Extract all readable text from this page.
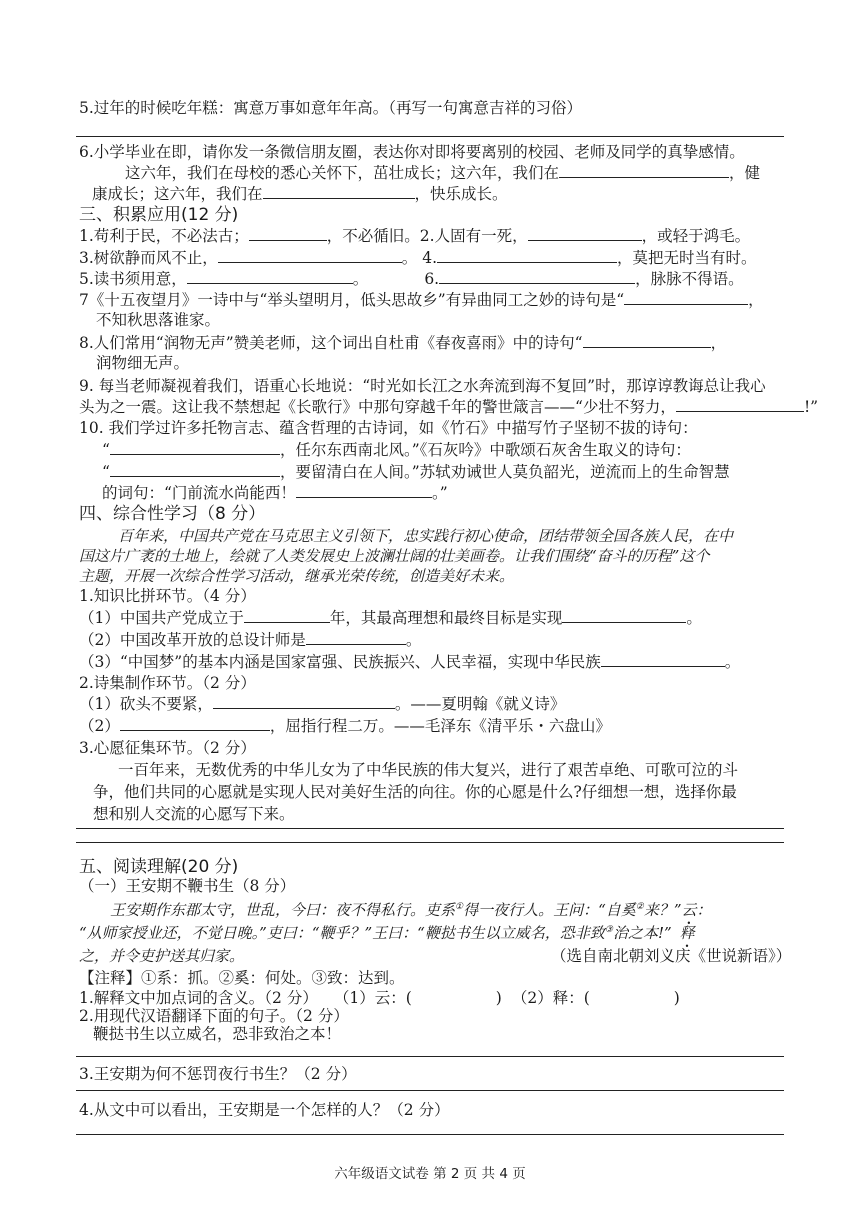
5.过年的时候吃年糕：寓意万事如意年年高。（再写一句寓意吉祥的习俗）
6.小学毕业在即，请你发一条微信朋友圈，表达你对即将要离别的校园、老师及同学的真挚感情。
这六年，我们在母校的悉心关怀下，茁壮成长；这六年，我们在	，健
康成长；这六年，我们在	，快乐成长。
三、积累应用(12 分)
1.苟利于民，不必法古；	，不必循旧。2.人固有一死，	，或轻于鸿毛。
3.树欲静而风不止，	。 4.	，莫把无时当有时。
5.读书须用意，	。	6.	，脉脉不得语。
7《十五夜望月》一诗中与“举头望明月，低头思故乡”有异曲同工之妙的诗句是“	，
不知秋思落谁家。
8.人们常用“润物无声”赞美老师，这个词出自杜甫《春夜喜雨》中的诗句“	，
润物细无声。
9. 每当老师凝视着我们，语重心长地说：“时光如长江之水奔流到海不复回”时，那谆谆教诲总让我心
头为之一震。这让我不禁想起《长歌行》中那句穿越千年的警世箴言——“少壮不努力，	!”
10. 我们学过许多托物言志、蕴含哲理的古诗词，如《竹石》中描写竹子坚韧不拔的诗句：
“	，任尔东西南北风。”《石灰吟》中歌颂石灰舍生取义的诗句：
“	，要留清白在人间。”苏轼劝诫世人莫负韶光，逆流而上的生命智慧
的词句：“门前流水尚能西！	。”
四、综合性学习（8 分）
百年来，中国共产党在马克思主义引领下，忠实践行初心使命，团结带领全国各族人民，在中
国这片广袤的土地上，绘就了人类发展史上波澜壮阔的壮美画卷。让我们围绕“奋斗的历程”这个
主题，开展一次综合性学习活动，继承光荣传统，创造美好未来。
1.知识比拼环节。（4 分）
（1）中国共产党成立于	年，其最高理想和最终目标是实现	。
（2）中国改革开放的总设计师是	。
（3）“中国梦”的基本内涵是国家富强、民族振兴、人民幸福，实现中华民族	。
2.诗集制作环节。（2 分）
（1）砍头不要紧，	。——夏明翰《就义诗》
（2）	，屈指行程二万。——毛泽东《清平乐・六盘山》
3.心愿征集环节。（2 分）
一百年来，无数优秀的中华儿女为了中华民族的伟大复兴，进行了艰苦卓绝、可歌可泣的斗
争，他们共同的心愿就是实现人民对美好生活的向往。你的心愿是什么?仔细想一想，选择你最
想和别人交流的心愿写下来。
五、阅读理解(20 分)
（一）王安期不鞭书生（8 分）
王安期作东郡太守，世乱，今曰：夜不得私行。吏系①得一夜行人。王问：“自奚②来？”云：
“从师家授业还，不觉日晚。”吏曰：“鞭乎？”王曰：“鞭挞书生以立威名，恐非致③治之本!” 释
之，并令吏护送其归家。	（选自南北朝刘义庆《世说新语》）
【注释】①系：抓。②奚：何处。③致：达到。
1.解释文中加点词的含义。（2 分） （1）云：(	) （2）释：(	)
2.用现代汉语翻译下面的句子。（2 分）
鞭挞书生以立威名，恐非致治之本！
3.王安期为何不惩罚夜行书生？（2 分）
4.从文中可以看出，王安期是一个怎样的人？（2 分）
六年级语文试卷 第 2 页 共 4 页
